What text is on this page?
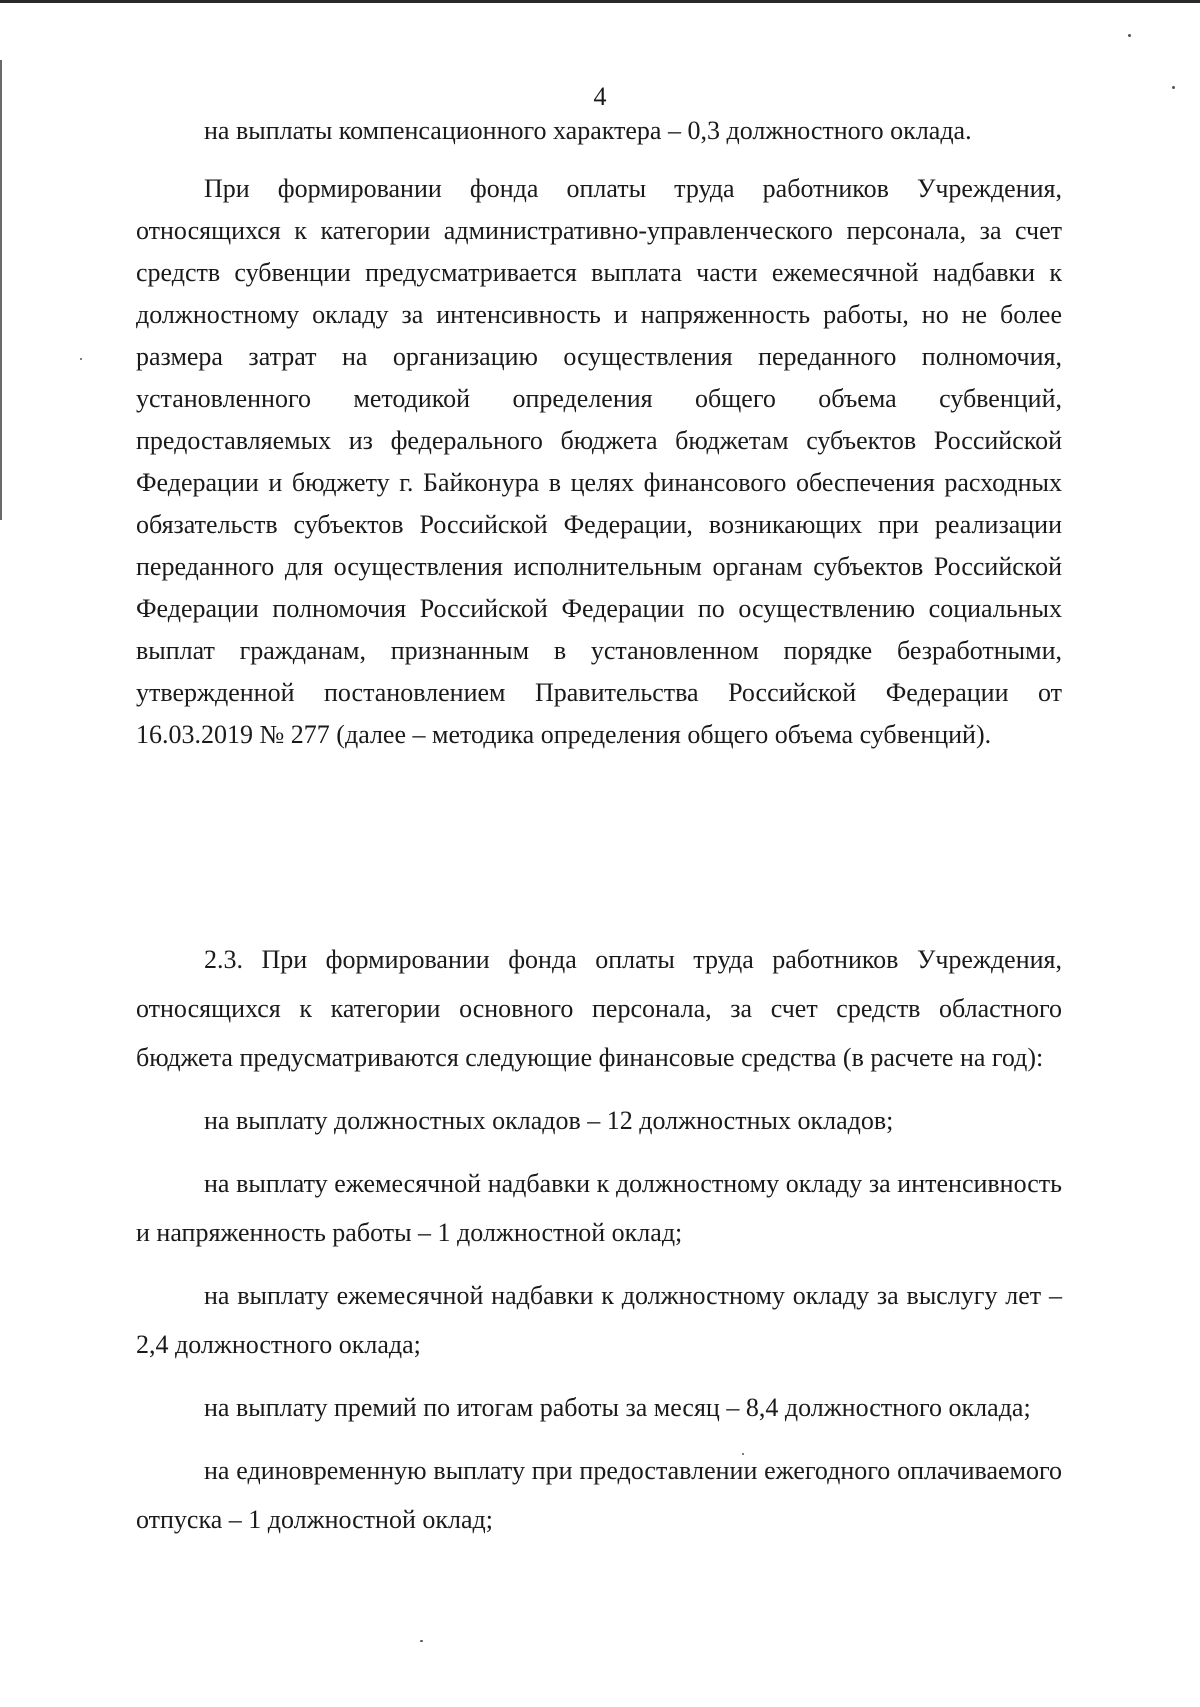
4

на выплаты компенсационного характера – 0,3 должностного оклада.

При формировании фонда оплаты труда работников Учреждения, относящихся к категории административно-управленческого персонала, за счет средств субвенции предусматривается выплата части ежемесячной надбавки к должностному окладу за интенсивность и напряженность работы, но не более размера затрат на организацию осуществления переданного полномочия, установленного методикой определения общего объема субвенций, предоставляемых из федерального бюджета бюджетам субъектов Российской Федерации и бюджету г. Байконура в целях финансового обеспечения расходных обязательств субъектов Российской Федерации, возникающих при реализации переданного для осуществления исполнительным органам субъектов Российской Федерации полномочия Российской Федерации по осуществлению социальных выплат гражданам, признанным в установленном порядке безработными, утвержденной постановлением Правительства Российской Федерации от 16.03.2019 № 277 (далее – методика определения общего объема субвенций).

2.3. При формировании фонда оплаты труда работников Учреждения, относящихся к категории основного персонала, за счет средств областного бюджета предусматриваются следующие финансовые средства (в расчете на год):

на выплату должностных окладов – 12 должностных окладов;

на выплату ежемесячной надбавки к должностному окладу за интенсивность и напряженность работы – 1 должностной оклад;

на выплату ежемесячной надбавки к должностному окладу за выслугу лет – 2,4 должностного оклада;

на выплату премий по итогам работы за месяц – 8,4 должностного оклада;

на единовременную выплату при предоставлении ежегодного оплачиваемого отпуска – 1 должностной оклад;
